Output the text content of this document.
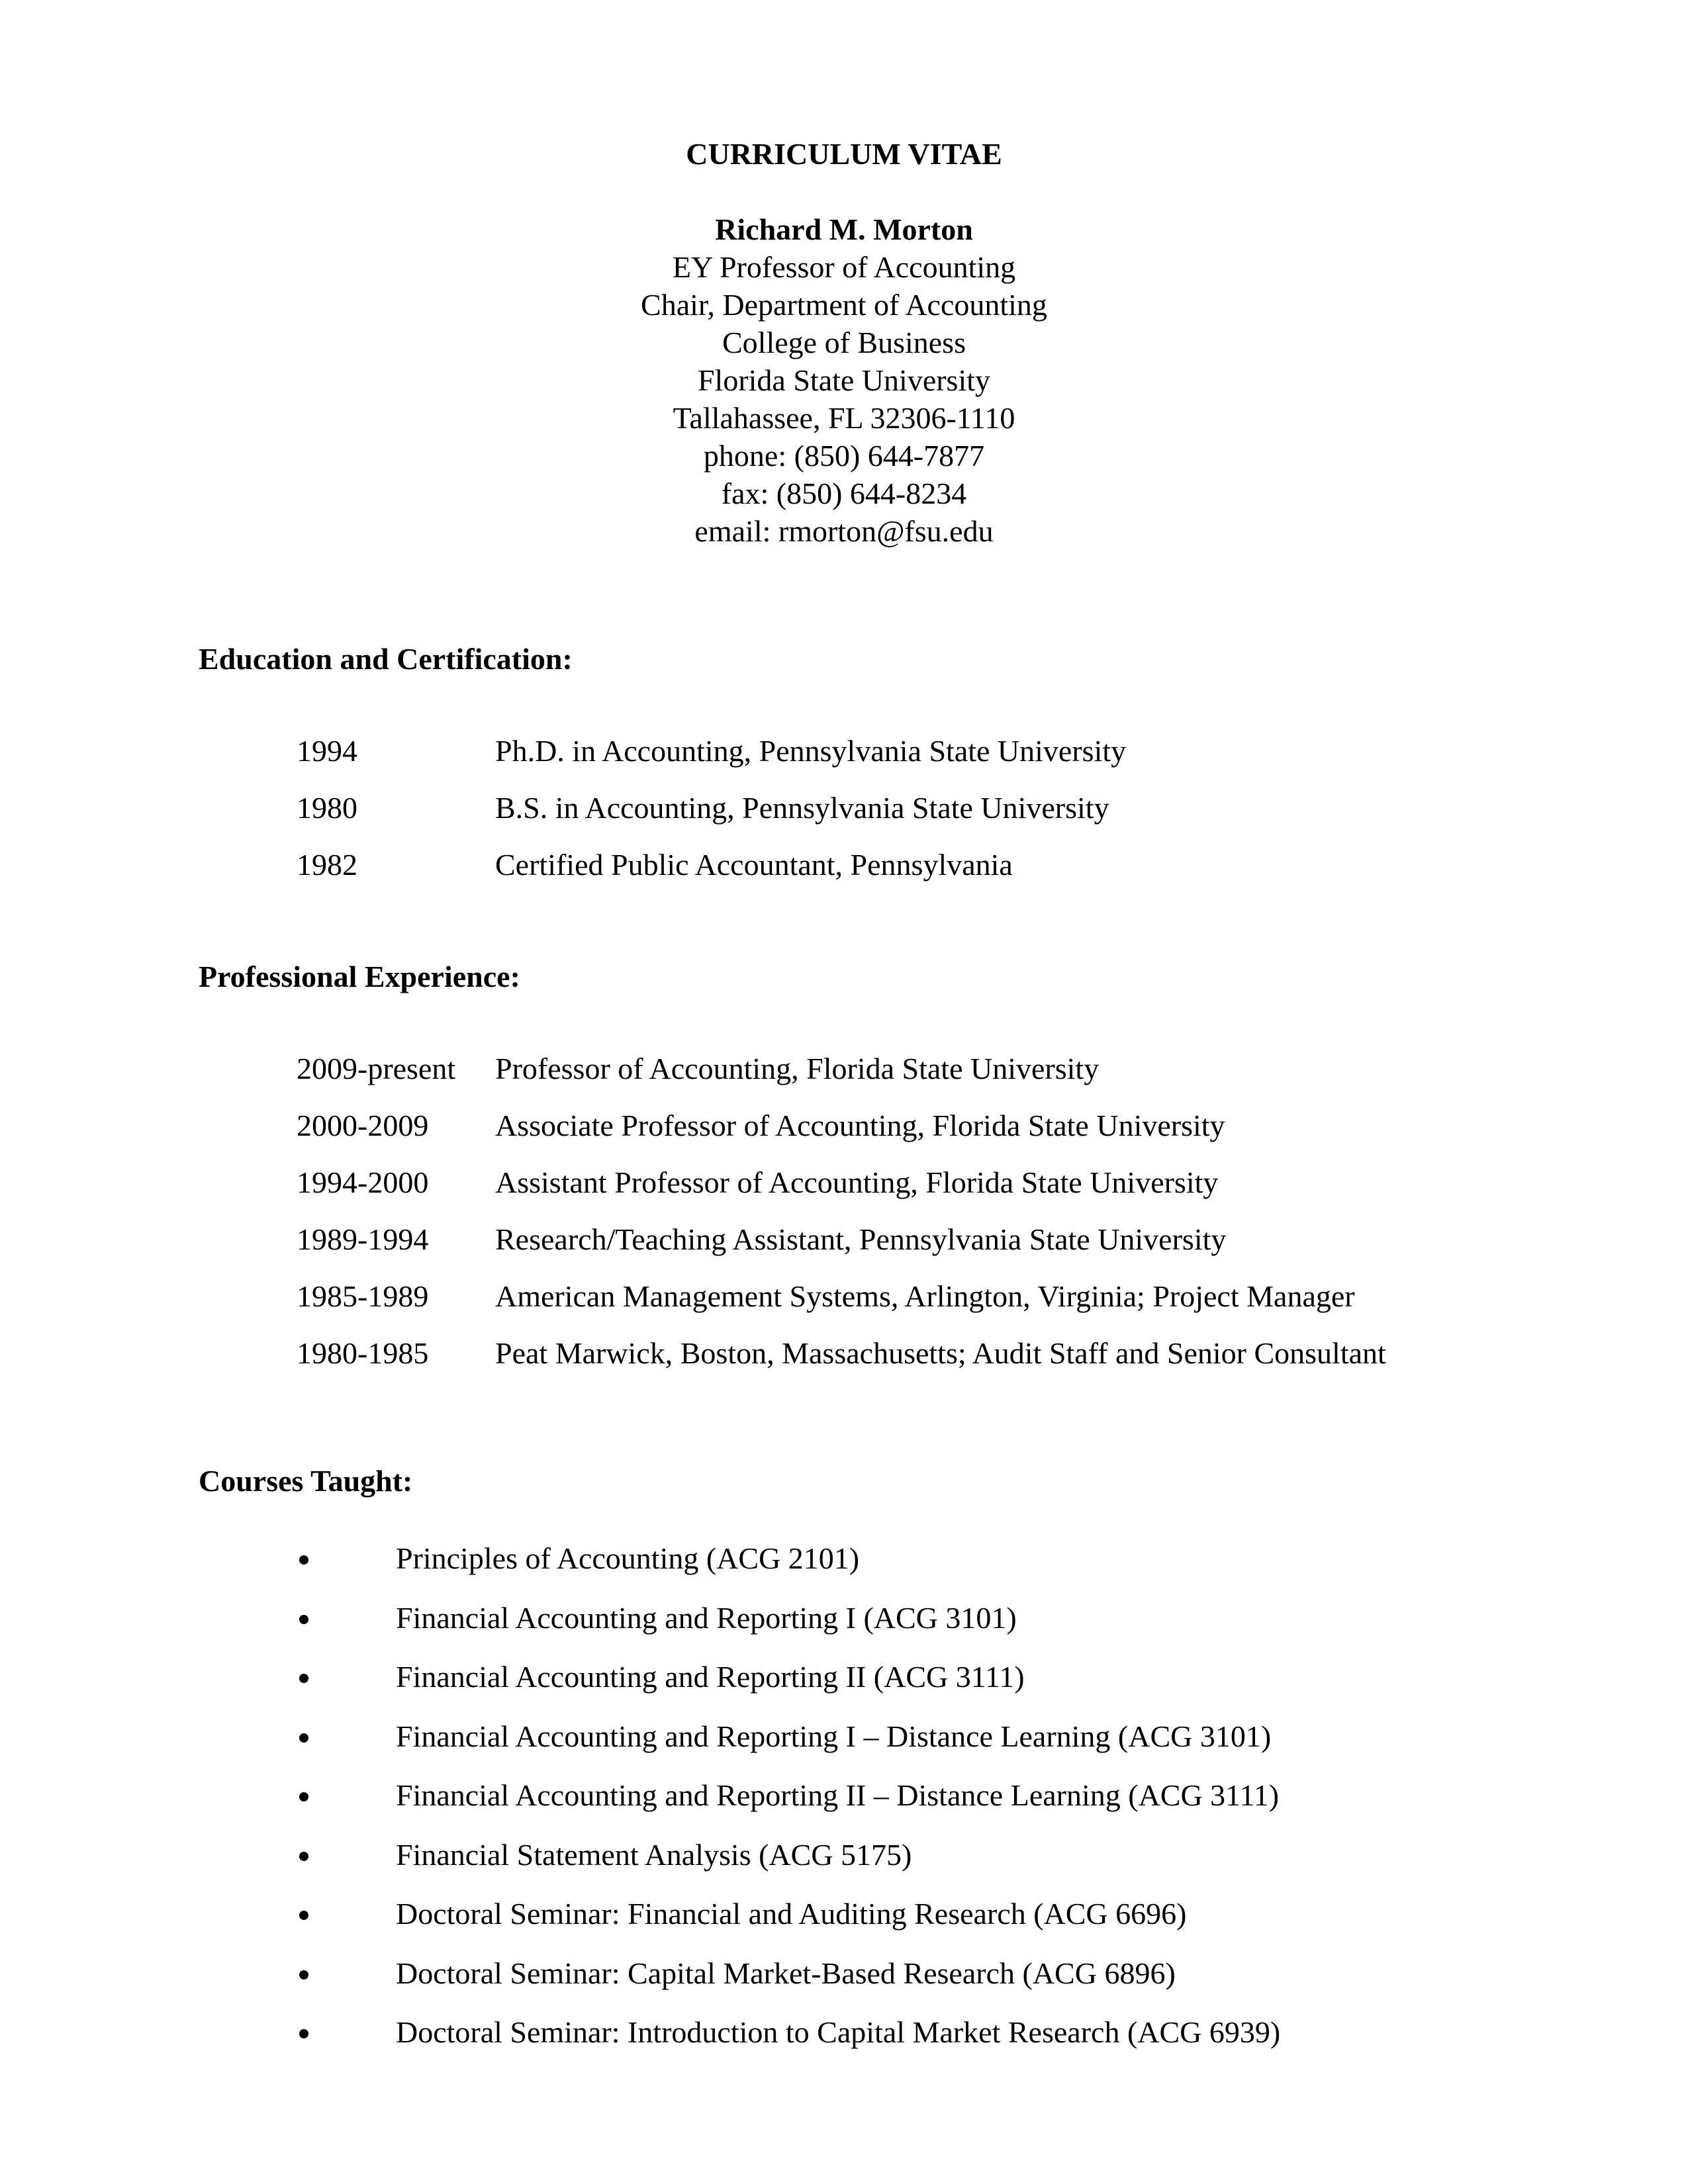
CURRICULUM VITAE
Richard M. Morton
EY Professor of Accounting
Chair, Department of Accounting
College of Business
Florida State University
Tallahassee, FL 32306-1110
phone: (850) 644-7877
fax: (850) 644-8234
email: rmorton@fsu.edu
Education and Certification:
1994	Ph.D. in Accounting, Pennsylvania State University
1980	B.S. in Accounting, Pennsylvania State University
1982	Certified Public Accountant, Pennsylvania
Professional Experience:
2009-present Professor of Accounting, Florida State University
2000-2009 Associate Professor of Accounting, Florida State University
1994-2000 Assistant Professor of Accounting, Florida State University
1989-1994 Research/Teaching Assistant, Pennsylvania State University
1985-1989 American Management Systems, Arlington, Virginia; Project Manager
1980-1985 Peat Marwick, Boston, Massachusetts; Audit Staff and Senior Consultant
Courses Taught:
Principles of Accounting (ACG 2101)
Financial Accounting and Reporting I (ACG 3101)
Financial Accounting and Reporting II (ACG 3111)
Financial Accounting and Reporting I – Distance Learning (ACG 3101)
Financial Accounting and Reporting II – Distance Learning (ACG 3111)
Financial Statement Analysis (ACG 5175)
Doctoral Seminar: Financial and Auditing Research (ACG 6696)
Doctoral Seminar: Capital Market-Based Research (ACG 6896)
Doctoral Seminar: Introduction to Capital Market Research (ACG 6939)
